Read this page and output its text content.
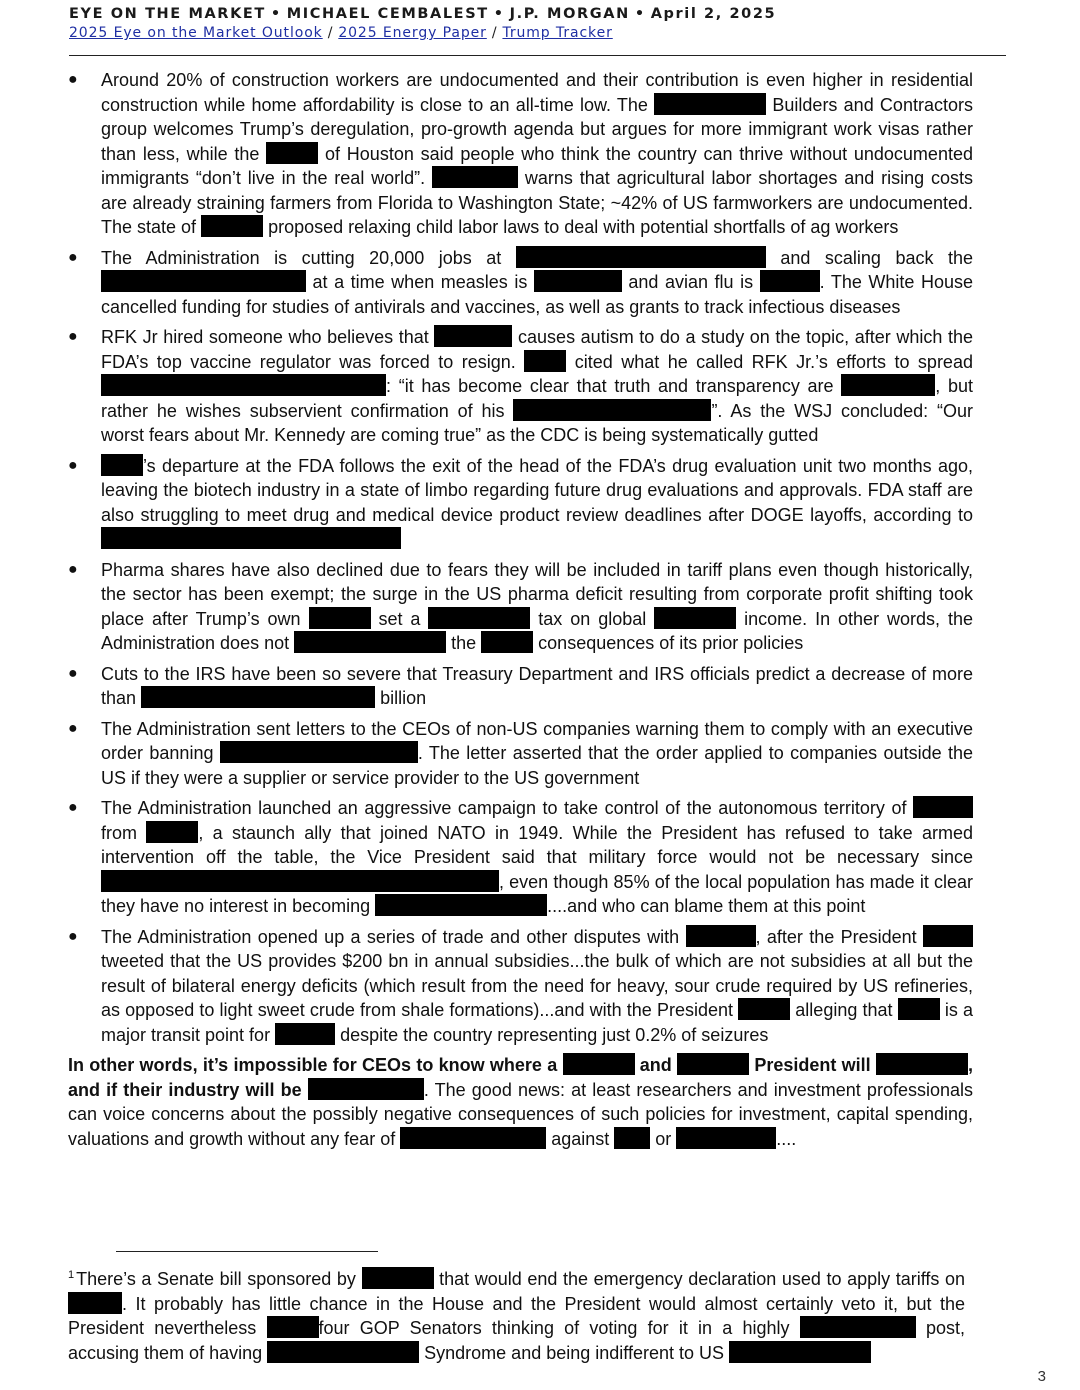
EYE ON THE MARKET • MICHAEL CEMBALEST • J.P. MORGAN • April 2, 2025
2025 Eye on the Market Outlook / 2025 Energy Paper / Trump Tracker
● Around 20% of construction workers are undocumented and their contribution is even higher in residential construction while home affordability is close to an all-time low. The	Builders and Contractors group welcomes Trump’s deregulation, pro-growth agenda but argues for more immigrant work visas rather than less, while the	of Houston said people who think the country can thrive without undocumented immigrants “don’t live in the real world”.	warns that agricultural labor shortages and rising costs are already straining farmers from Florida to Washington State; ~42% of US farmworkers are undocumented. The state of	proposed relaxing child labor laws to deal with potential shortfalls of ag workers
● The Administration is cutting 20,000 jobs at	and scaling back the  at a time when measles is	and avian flu is	. The White House cancelled funding for studies of antivirals and vaccines, as well as grants to track infectious diseases
● RFK Jr hired someone who believes that	causes autism to do a study on the topic, after which the FDA’s top vaccine regulator was forced to resign.	cited what he called RFK Jr.’s efforts to spread : “it has become clear that truth and transparency are	, but rather he wishes subservient confirmation of his	”. As the WSJ concluded: “Our worst fears about Mr. Kennedy are coming true” as the CDC is being systematically gutted
●	’s departure at the FDA follows the exit of the head of the FDA’s drug evaluation unit two months ago, leaving the biotech industry in a state of limbo regarding future drug evaluations and approvals. FDA staff are also struggling to meet drug and medical device product review deadlines after DOGE layoffs, according to
● Pharma shares have also declined due to fears they will be included in tariff plans even though historically, the sector has been exempt; the surge in the US pharma deficit resulting from corporate profit shifting took place after Trump’s own	set a	tax on global	income. In other words, the Administration does not	the	consequences of its prior policies
● Cuts to the IRS have been so severe that Treasury Department and IRS officials predict a decrease of more than	billion
● The Administration sent letters to the CEOs of non-US companies warning them to comply with an executive order banning	. The letter asserted that the order applied to companies outside the US if they were a supplier or service provider to the US government
● The Administration launched an aggressive campaign to take control of the autonomous territory of  from	, a staunch ally that joined NATO in 1949. While the President has refused to take armed intervention off the table, the Vice President said that military force would not be necessary since , even though 85% of the local population has made it clear they have no interest in becoming	....and who can blame them at this point
● The Administration opened up a series of trade and other disputes with	, after the President  tweeted that the US provides $200 bn in annual subsidies...the bulk of which are not subsidies at all but the result of bilateral energy deficits (which result from the need for heavy, sour crude required by US refineries, as opposed to light sweet crude from shale formations)...and with the President	alleging that  is a major transit point for	despite the country representing just 0.2% of seizures

In other words, it’s impossible for CEOs to know where a	and	President will	, and if their industry will be	. The good news: at least researchers and investment professionals can voice concerns about the possibly negative consequences of such policies for investment, capital spending, valuations and growth without any fear of	against  or	....

$^1$ There’s a Senate bill sponsored by	that would end the emergency declaration used to apply tariffs on . It probably has little chance in the House and the President would almost certainly veto it, but the President nevertheless	four GOP Senators thinking of voting for it in a highly	post, accusing them of having	Syndrome and being indifferent to US
3
